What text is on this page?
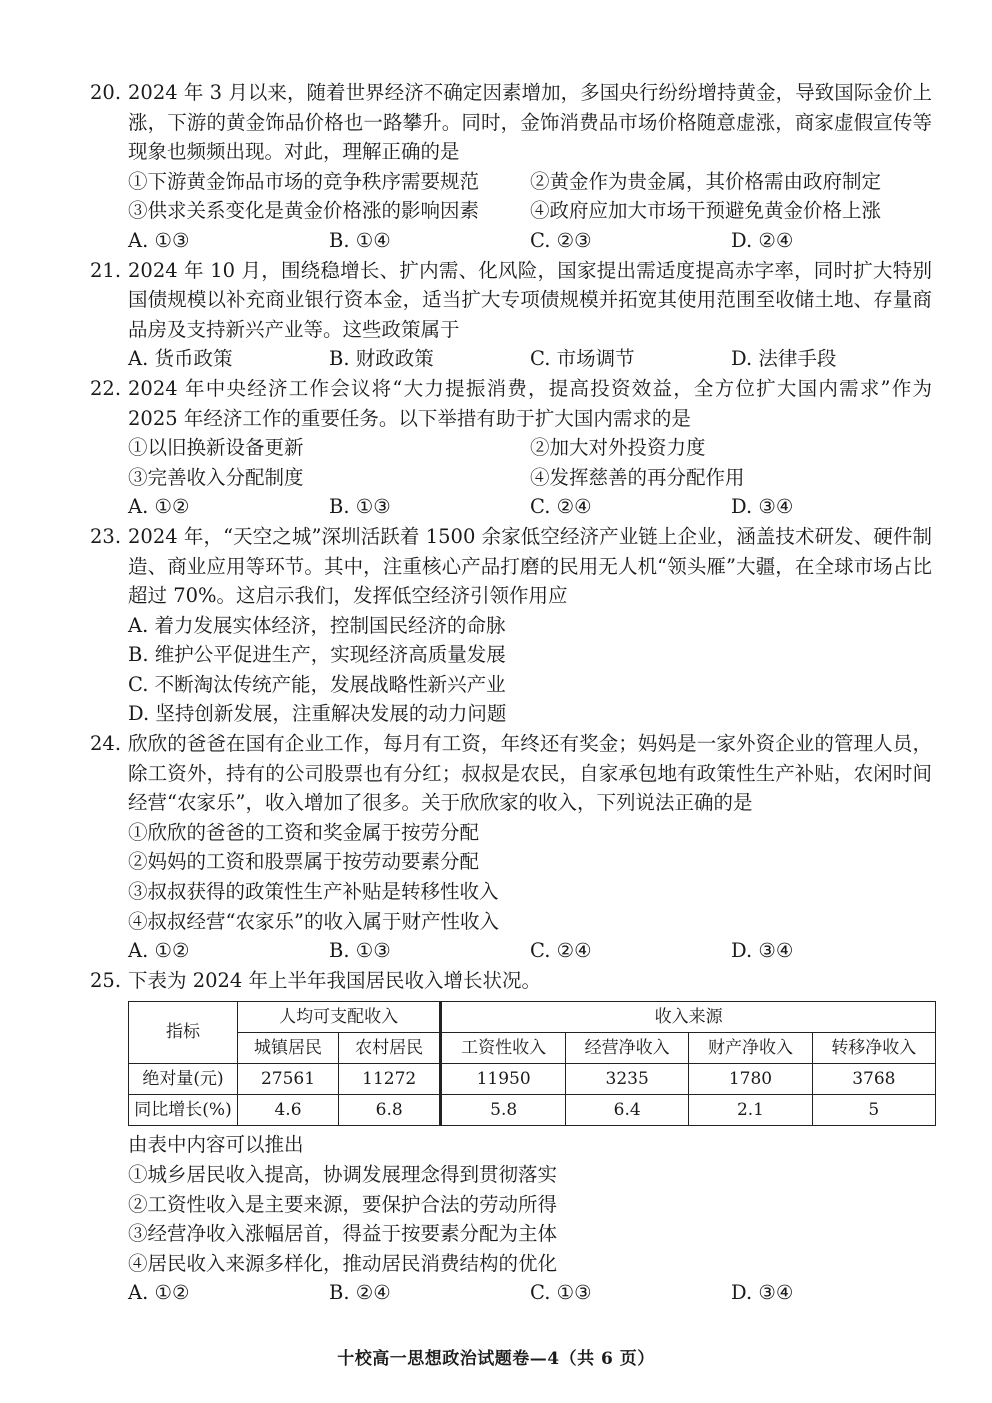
20. 2024 年 3 月以来，随着世界经济不确定因素增加，多国央行纷纷增持黄金，导致国际金价上涨，下游的黄金饰品价格也一路攀升。同时，金饰消费品市场价格随意虚涨，商家虚假宣传等现象也频频出现。对此，理解正确的是
①下游黄金饰品市场的竞争秩序需要规范	②黄金作为贵金属，其价格需由政府制定
③供求关系变化是黄金价格涨的影响因素	④政府应加大市场干预避免黄金价格上涨
A. ①③	B. ①④	C. ②③	D. ②④
21. 2024 年 10 月，围绕稳增长、扩内需、化风险，国家提出需适度提高赤字率，同时扩大特别国债规模以补充商业银行资本金，适当扩大专项债规模并拓宽其使用范围至收储土地、存量商品房及支持新兴产业等。这些政策属于
A. 货币政策	B. 财政政策	C. 市场调节	D. 法律手段
22. 2024 年中央经济工作会议将“大力提振消费，提高投资效益，全方位扩大国内需求”作为 2025 年经济工作的重要任务。以下举措有助于扩大国内需求的是
①以旧换新设备更新	②加大对外投资力度
③完善收入分配制度	④发挥慈善的再分配作用
A. ①②	B. ①③	C. ②④	D. ③④
23. 2024 年，“天空之城”深圳活跃着 1500 余家低空经济产业链上企业，涵盖技术研发、硬件制造、商业应用等环节。其中，注重核心产品打磨的民用无人机“领头雁”大疆，在全球市场占比超过 70%。这启示我们，发挥低空经济引领作用应
A. 着力发展实体经济，控制国民经济的命脉
B. 维护公平促进生产，实现经济高质量发展
C. 不断淘汰传统产能，发展战略性新兴产业
D. 坚持创新发展，注重解决发展的动力问题
24. 欣欣的爸爸在国有企业工作，每月有工资，年终还有奖金；妈妈是一家外资企业的管理人员，除工资外，持有的公司股票也有分红；叔叔是农民，自家承包地有政策性生产补贴，农闲时间经营“农家乐”，收入增加了很多。关于欣欣家的收入，下列说法正确的是
①欣欣的爸爸的工资和奖金属于按劳分配
②妈妈的工资和股票属于按劳动要素分配
③叔叔获得的政策性生产补贴是转移性收入
④叔叔经营“农家乐”的收入属于财产性收入
A. ①②	B. ①③	C. ②④	D. ③④
25. 下表为 2024 年上半年我国居民收入增长状况。
指标	人均可支配收入		收入来源			
	城镇居民	农村居民	工资性收入	经营净收入	财产净收入	转移净收入
绝对量(元)	27561	11272	11950	3235	1780	3768
同比增长(%)	4.6	6.8	5.8	6.4	2.1	5
由表中内容可以推出
①城乡居民收入提高，协调发展理念得到贯彻落实
②工资性收入是主要来源，要保护合法的劳动所得
③经营净收入涨幅居首，得益于按要素分配为主体
④居民收入来源多样化，推动居民消费结构的优化
A. ①②	B. ②④	C. ①③	D. ③④
十校高一思想政治试题卷—4（共 6 页）
